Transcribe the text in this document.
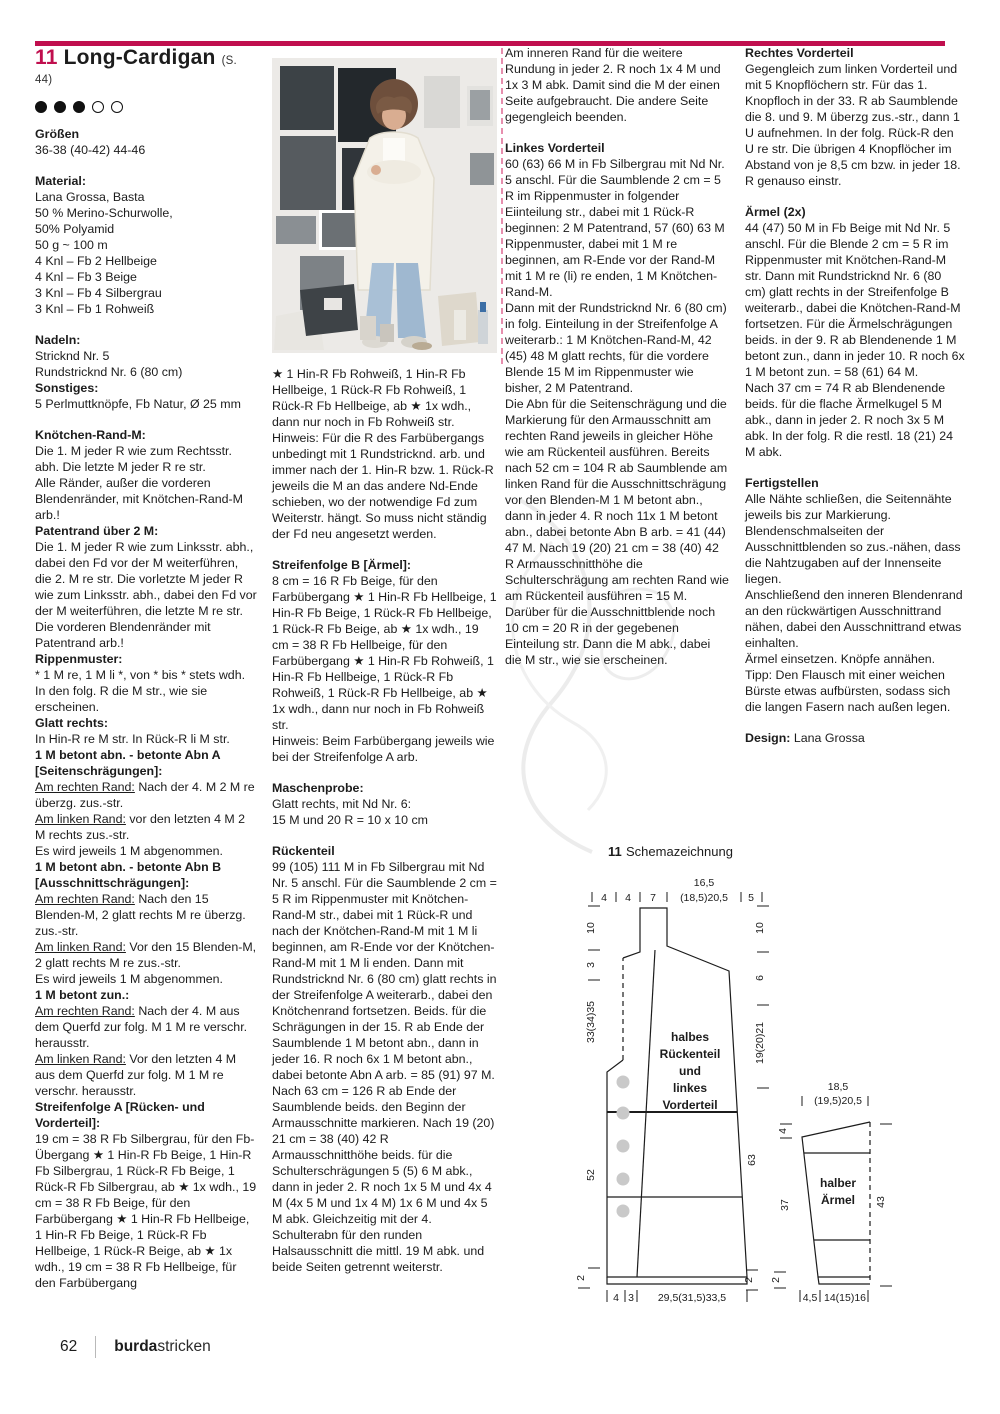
11 Long-Cardigan (S. 44)
Größen
36-38 (40-42) 44-46
Material:
Lana Grossa, Basta
50 % Merino-Schurwolle,
50% Polyamid
50 g ~ 100 m
4 Knl – Fb 2 Hellbeige
4 Knl – Fb 3 Beige
3 Knl – Fb 4 Silbergrau
3 Knl – Fb 1 Rohweiß
Nadeln:
Stricknd Nr. 5
Rundstricknd Nr. 6 (80 cm)
Sonstiges:
5 Perlmuttknöpfe, Fb Natur, Ø 25 mm
Knötchen-Rand-M:
Die 1. M jeder R wie zum Rechtsstr. abh. Die letzte M jeder R re str.
Alle Ränder, außer die vorderen Blendenränder, mit Knötchen-Rand-M arb.!
Patentrand über 2 M:
Die 1. M jeder R wie zum Linksstr. abh., dabei den Fd vor der M weiterführen, die 2. M re str. Die vorletzte M jeder R wie zum Linksstr. abh., dabei den Fd vor der M weiterführen, die letzte M re str.
Die vorderen Blendenränder mit Patentrand arb.!
Rippenmuster:
* 1 M re, 1 M li *, von * bis * stets wdh. In den folg. R die M str., wie sie erscheinen.
Glatt rechts:
In Hin-R re M str. In Rück-R li M str.
1 M betont abn. - betonte Abn A [Seitenschrägungen]:
Am rechten Rand: Nach der 4. M 2 M re überzg. zus.-str.
Am linken Rand: vor den letzten 4 M 2 M rechts zus.-str.
Es wird jeweils 1 M abgenommen.
1 M betont abn. - betonte Abn B [Ausschnittschrägungen]:
Am rechten Rand: Nach den 15 Blenden-M, 2 glatt rechts M re überzg. zus.-str.
Am linken Rand: Vor den 15 Blenden-M, 2 glatt rechts M re zus.-str.
Es wird jeweils 1 M abgenommen.
1 M betont zun.:
Am rechten Rand: Nach der 4. M aus dem Querfd zur folg. M 1 M re verschr. herausstr.
Am linken Rand: Vor den letzten 4 M aus dem Querfd zur folg. M 1 M re verschr. herausstr.
Streifenfolge A [Rücken- und Vorderteil]:
19 cm = 38 R Fb Silbergrau, für den Fb-Übergang ★ 1 Hin-R Fb Beige, 1 Hin-R Fb Silbergrau, 1 Rück-R Fb Beige, 1 Rück-R Fb Silbergrau, ab ★ 1x wdh., 19 cm = 38 R Fb Beige, für den Farbübergang ★ 1 Hin-R Fb Hellbeige, 1 Hin-R Fb Beige, 1 Rück-R Fb Hellbeige, 1 Rück-R Beige, ab ★ 1x wdh., 19 cm = 38 R Fb Hellbeige, für den Farbübergang
★ 1 Hin-R Fb Rohweiß, 1 Hin-R Fb Hellbeige, 1 Rück-R Fb Rohweiß, 1 Rück-R Fb Hellbeige, ab ★ 1x wdh., dann nur noch in Fb Rohweiß str.
Hinweis: Für die R des Farbübergangs unbedingt mit 1 Rundstricknd. arb. und immer nach der 1. Hin-R bzw. 1. Rück-R jeweils die M an das andere Nd-Ende schieben, wo der notwendige Fd zum Weiterstr. hängt. So muss nicht ständig der Fd neu angesetzt werden.
Streifenfolge B [Ärmel]:
8 cm = 16 R Fb Beige, für den Farbübergang ★ 1 Hin-R Fb Hellbeige, 1 Hin-R Fb Beige, 1 Rück-R Fb Hellbeige, 1 Rück-R Fb Beige, ab ★ 1x wdh., 19 cm = 38 R Fb Hellbeige, für den Farbübergang ★ 1 Hin-R Fb Rohweiß, 1 Hin-R Fb Hellbeige, 1 Rück-R Fb Rohweiß, 1 Rück-R Fb Hellbeige, ab ★ 1x wdh., dann nur noch in Fb Rohweiß str.
Hinweis: Beim Farbübergang jeweils wie bei der Streifenfolge A arb.
Maschenprobe:
Glatt rechts, mit Nd Nr. 6:
15 M und 20 R = 10 x 10 cm
Rückenteil
99 (105) 111 M in Fb Silbergrau mit Nd Nr. 5 anschl. Für die Saumblende 2 cm = 5 R im Rippenmuster mit Knötchen-Rand-M str., dabei mit 1 Rück-R und nach der Knötchen-Rand-M mit 1 M li beginnen, am R-Ende vor der Knötchen-Rand-M mit 1 M li enden. Dann mit Rundstricknd Nr. 6 (80 cm) glatt rechts in der Streifenfolge A weiterarb., dabei den Knötchenrand fortsetzen. Beids. für die Schrägungen in der 15. R ab Ende der Saumblende 1 M betont abn., dann in jeder 16. R noch 6x 1 M betont abn., dabei betonte Abn A arb. = 85 (91) 97 M. Nach 63 cm = 126 R ab Ende der Saumblende beids. den Beginn der Armausschnitte markieren. Nach 19 (20) 21 cm = 38 (40) 42 R Armausschnitthöhe beids. für die Schulterschrägungen 5 (5) 6 M abk., dann in jeder 2. R noch 1x 5 M und 4x 4 M (4x 5 M und 1x 4 M) 1x 6 M und 4x 5 M abk. Gleichzeitig mit der 4. Schulterabn für den runden Halsausschnitt die mittl. 19 M abk. und beide Seiten getrennt weiterstr.
Am inneren Rand für die weitere Rundung in jeder 2. R noch 1x 4 M und 1x 3 M abk. Damit sind die M der einen Seite aufgebraucht. Die andere Seite gegengleich beenden.
Linkes Vorderteil
60 (63) 66 M in Fb Silbergrau mit Nd Nr. 5 anschl. Für die Saumblende 2 cm = 5 R im Rippenmuster in folgender Eiinteilung str., dabei mit 1 Rück-R beginnen: 2 M Patentrand, 57 (60) 63 M Rippenmuster, dabei mit 1 M re beginnen, am R-Ende vor der Rand-M mit 1 M re (li) re enden, 1 M Knötchen-Rand-M.
Dann mit der Rundstricknd Nr. 6 (80 cm) in folg. Einteilung in der Streifenfolge A weiterarb.: 1 M Knötchen-Rand-M, 42 (45) 48 M glatt rechts, für die vordere Blende 15 M im Rippenmuster wie bisher, 2 M Patentrand.
Die Abn für die Seitenschrägung und die Markierung für den Armausschnitt am rechten Rand jeweils in gleicher Höhe wie am Rückenteil ausführen. Bereits nach 52 cm = 104 R ab Saumblende am linken Rand für die Ausschnittschrägung vor den Blenden-M 1 M betont abn., dann in jeder 4. R noch 11x 1 M betont abn., dabei betonte Abn B arb. = 41 (44) 47 M. Nach 19 (20) 21 cm = 38 (40) 42 R Armausschnitthöhe die Schulterschrägung am rechten Rand wie am Rückenteil ausführen = 15 M. Darüber für die Ausschnittblende noch 10 cm = 20 R in der gegebenen Einteilung str. Dann die M abk., dabei die M str., wie sie erscheinen.
Rechtes Vorderteil
Gegengleich zum linken Vorderteil und mit 5 Knopflöchern str. Für das 1. Knopfloch in der 33. R ab Saumblende die 8. und 9. M überzg zus.-str., dann 1 U aufnehmen. In der folg. Rück-R den U re str. Die übrigen 4 Knopflöcher im Abstand von je 8,5 cm bzw. in jeder 18. R genauso einstr.
Ärmel (2x)
44 (47) 50 M in Fb Beige mit Nd Nr. 5 anschl. Für die Blende 2 cm = 5 R im Rippenmuster mit Knötchen-Rand-M str. Dann mit Rundstricknd Nr. 6 (80 cm) glatt rechts in der Streifenfolge B weiterarb., dabei die Knötchen-Rand-M fortsetzen. Für die Ärmelschrägungen beids. in der 9. R ab Blendenende 1 M betont zun., dann in jeder 10. R noch 6x 1 M betont zun. = 58 (61) 64 M.
Nach 37 cm = 74 R ab Blendenende beids. für die flache Ärmelkugel 5 M abk., dann in jeder 2. R noch 3x 5 M abk. In der folg. R die restl. 18 (21) 24 M abk.
Fertigstellen
Alle Nähte schließen, die Seitennähte jeweils bis zur Markierung. Blendenschmalseiten der Ausschnittblenden so zus.-nähen, dass die Nahtzugaben auf der Innenseite liegen.
Anschließend den inneren Blendenrand an den rückwärtigen Ausschnittrand nähen, dabei den Ausschnittrand etwas einhalten.
Ärmel einsetzen. Knöpfe annähen.
Tipp: Den Flausch mit einer weichen Bürste etwas aufbürsten, sodass sich die langen Fasern nach außen legen.
Design: Lana Grossa
11 Schemazeichnung
4 4 7
16,5
(18,5)20,5 5
10
3
33(34)35
52
2
10
6
19(20)21
63
2
4 3 29,5(31,5)33,5
halbes
Rückenteil
und
linkes
Vorderteil
18,5
(19,5)20,5
4
37
2
43
4,5 14(15)16
halber
Ärmel
62 burdastricken
